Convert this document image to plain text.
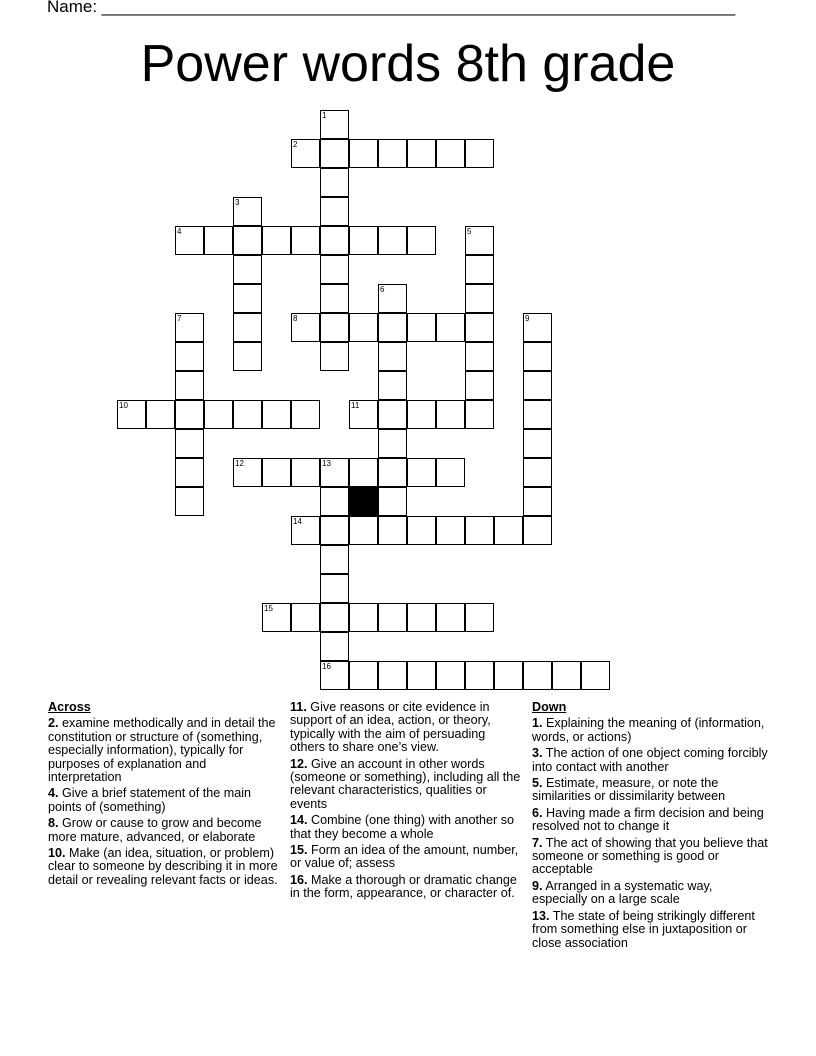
Name: ___________________________________________________________________
Power words 8th grade
1
2
3
4	5
6
7	8	9
10	11
12	13
14
15
16
Across
2. examine methodically and in detail the constitution or structure of (something, especially information), typically for purposes of explanation and interpretation
4. Give a brief statement of the main points of (something)
8. Grow or cause to grow and become more mature, advanced, or elaborate
10. Make (an idea, situation, or problem) clear to someone by describing it in more detail or revealing relevant facts or ideas.
11. Give reasons or cite evidence in support of an idea, action, or theory, typically with the aim of persuading others to share one’s view.
12. Give an account in other words (someone or something), including all the relevant characteristics, qualities or events
14. Combine (one thing) with another so that they become a whole
15. Form an idea of the amount, number, or value of; assess
16. Make a thorough or dramatic change in the form, appearance, or character of.
Down
1. Explaining the meaning of (information, words, or actions)
3. The action of one object coming forcibly into contact with another
5. Estimate, measure, or note the similarities or dissimilarity between
6. Having made a firm decision and being resolved not to change it
7. The act of showing that you believe that someone or something is good or acceptable
9. Arranged in a systematic way, especially on a large scale
13. The state of being strikingly different from something else in juxtaposition or close association
